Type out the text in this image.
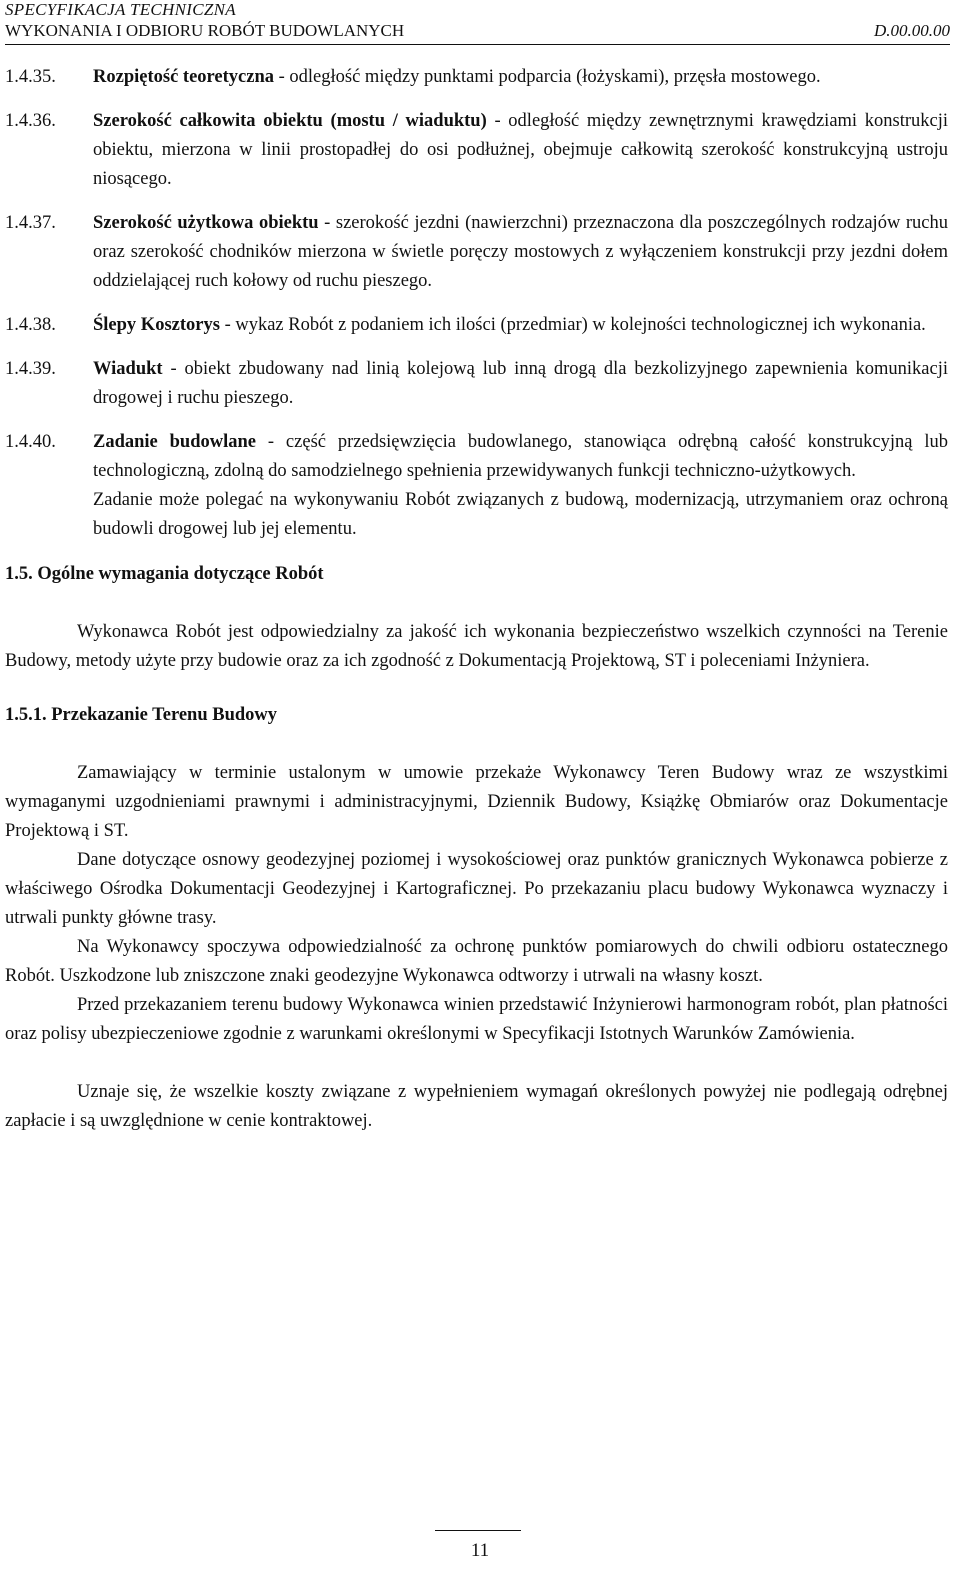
SPECYFIKACJA TECHNICZNA
WYKONANIA I ODBIORU ROBÓT BUDOWLANYCH	D.00.00.00
1.4.35.	Rozpiętość teoretyczna - odległość między punktami podparcia (łożyskami), przęsła mostowego.
1.4.36.	Szerokość całkowita obiektu (mostu / wiaduktu) - odległość między zewnętrznymi krawędziami konstrukcji obiektu, mierzona w linii prostopadłej do osi podłużnej, obejmuje całkowitą szerokość konstrukcyjną ustroju niosącego.
1.4.37.	Szerokość użytkowa obiektu - szerokość jezdni (nawierzchni) przeznaczona dla poszczególnych rodzajów ruchu oraz szerokość chodników mierzona w świetle poręczy mostowych z wyłączeniem konstrukcji przy jezdni dołem oddzielającej ruch kołowy od ruchu pieszego.
1.4.38.	Ślepy Kosztorys - wykaz Robót z podaniem ich ilości (przedmiar) w kolejności technologicznej ich wykonania.
1.4.39.	Wiadukt - obiekt zbudowany nad linią kolejową lub inną drogą dla bezkolizyjnego zapewnienia komunikacji drogowej i ruchu pieszego.
1.4.40.	Zadanie budowlane - część przedsięwzięcia budowlanego, stanowiąca odrębną całość konstrukcyjną lub technologiczną, zdolną do samodzielnego spełnienia przewidywanych funkcji techniczno-użytkowych.
Zadanie może polegać na wykonywaniu Robót związanych z budową, modernizacją, utrzymaniem oraz ochroną budowli drogowej lub jej elementu.
1.5. Ogólne wymagania dotyczące Robót
Wykonawca Robót jest odpowiedzialny za jakość ich wykonania bezpieczeństwo wszelkich czynności na Terenie Budowy, metody użyte przy budowie oraz za ich zgodność z Dokumentacją Projektową, ST i poleceniami Inżyniera.
1.5.1. Przekazanie Terenu Budowy
Zamawiający w terminie ustalonym w umowie przekaże Wykonawcy Teren Budowy wraz ze wszystkimi wymaganymi uzgodnieniami prawnymi i administracyjnymi, Dziennik Budowy, Książkę Obmiarów oraz Dokumentacje Projektową i ST.
Dane dotyczące osnowy geodezyjnej poziomej i wysokościowej oraz punktów granicznych Wykonawca pobierze z właściwego Ośrodka Dokumentacji Geodezyjnej i Kartograficznej. Po przekazaniu placu budowy Wykonawca wyznaczy i utrwali punkty główne trasy.
Na Wykonawcy spoczywa odpowiedzialność za ochronę punktów pomiarowych do chwili odbioru ostatecznego Robót. Uszkodzone lub zniszczone znaki geodezyjne Wykonawca odtworzy i utrwali na własny koszt.
Przed przekazaniem terenu budowy Wykonawca winien przedstawić Inżynierowi harmonogram robót, plan płatności oraz polisy ubezpieczeniowe zgodnie z warunkami określonymi w Specyfikacji Istotnych Warunków Zamówienia.
Uznaje się, że wszelkie koszty związane z wypełnieniem wymagań określonych powyżej nie podlegają odrębnej zapłacie i są uwzględnione w cenie kontraktowej.
11
